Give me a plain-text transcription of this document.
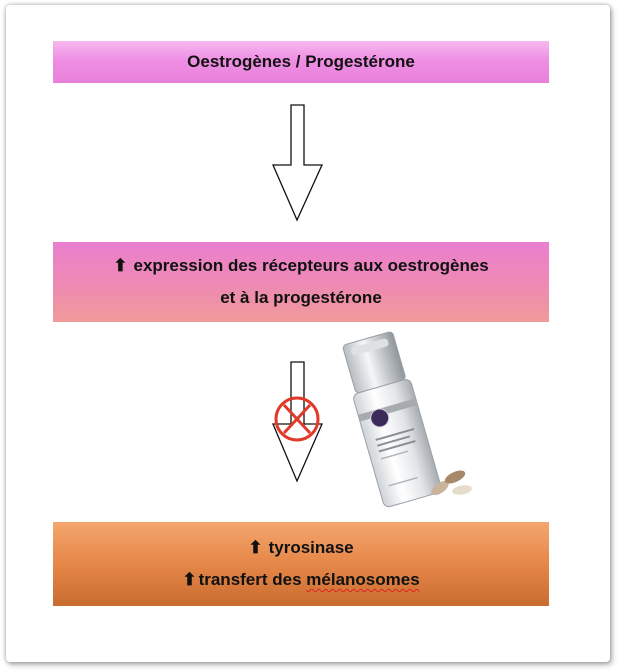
Oestrogènes / Progestérone
⬆ expression des récepteurs aux oestrogènes
et à la progestérone
⬆ tyrosinase
⬆ transfert des mélanosomes
